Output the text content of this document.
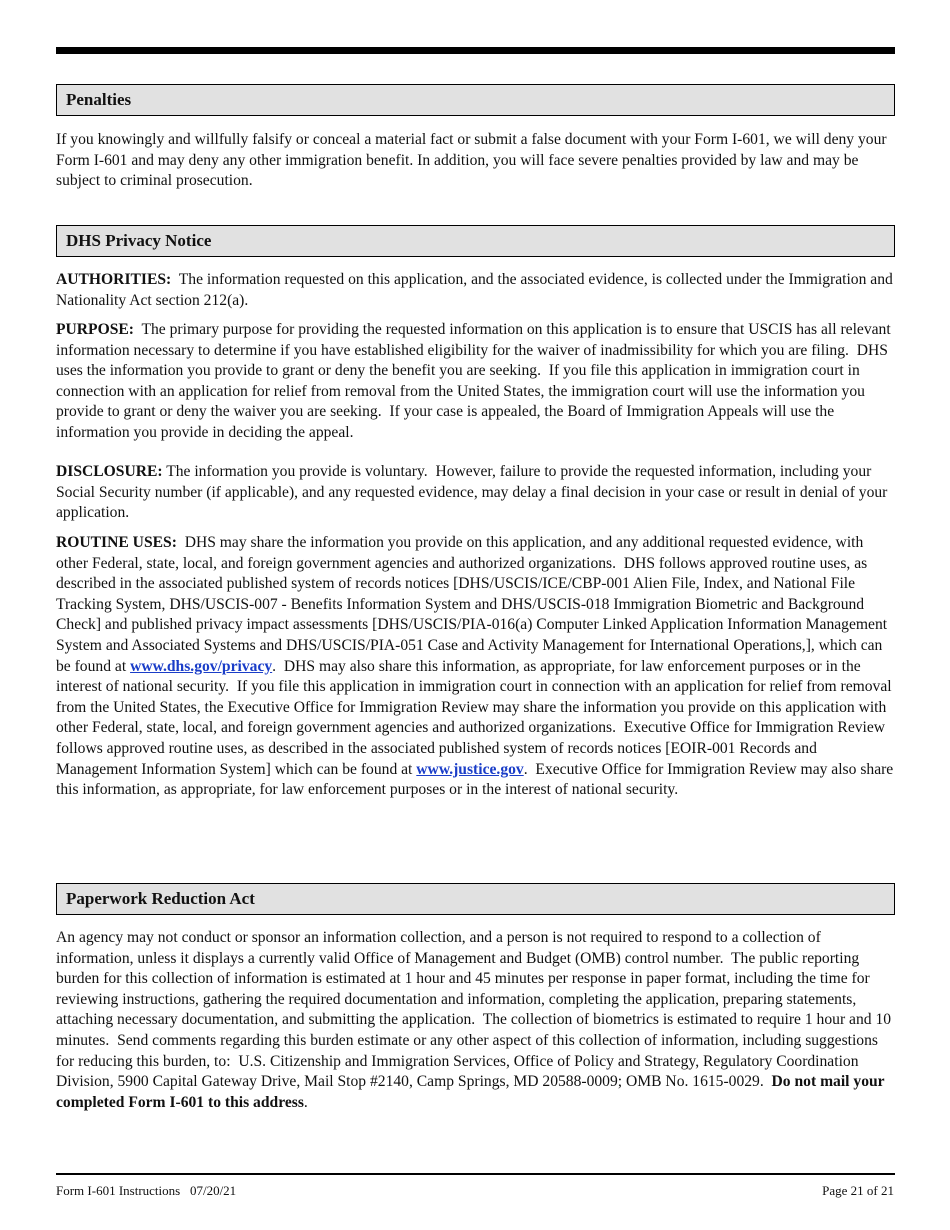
Penalties

If you knowingly and willfully falsify or conceal a material fact or submit a false document with your Form I-601, we will deny your Form I-601 and may deny any other immigration benefit. In addition, you will face severe penalties provided by law and may be subject to criminal prosecution.

DHS Privacy Notice

AUTHORITIES:  The information requested on this application, and the associated evidence, is collected under the Immigration and Nationality Act section 212(a).

PURPOSE:  The primary purpose for providing the requested information on this application is to ensure that USCIS has all relevant information necessary to determine if you have established eligibility for the waiver of inadmissibility for which you are filing.  DHS uses the information you provide to grant or deny the benefit you are seeking.  If you file this application in immigration court in connection with an application for relief from removal from the United States, the immigration court will use the information you provide to grant or deny the waiver you are seeking.  If your case is appealed, the Board of Immigration Appeals will use the information you provide in deciding the appeal.

DISCLOSURE: The information you provide is voluntary.  However, failure to provide the requested information, including your Social Security number (if applicable), and any requested evidence, may delay a final decision in your case or result in denial of your application.

ROUTINE USES:  DHS may share the information you provide on this application, and any additional requested evidence, with other Federal, state, local, and foreign government agencies and authorized organizations.  DHS follows approved routine uses, as described in the associated published system of records notices [DHS/USCIS/ICE/CBP-001 Alien File, Index, and National File Tracking System, DHS/USCIS-007 - Benefits Information System and DHS/USCIS-018 Immigration Biometric and Background Check] and published privacy impact assessments [DHS/USCIS/PIA-016(a) Computer Linked Application Information Management System and Associated Systems and DHS/USCIS/PIA-051 Case and Activity Management for International Operations,], which can be found at www.dhs.gov/privacy.  DHS may also share this information, as appropriate, for law enforcement purposes or in the interest of national security.  If you file this application in immigration court in connection with an application for relief from removal from the United States, the Executive Office for Immigration Review may share the information you provide on this application with other Federal, state, local, and foreign government agencies and authorized organizations.  Executive Office for Immigration Review follows approved routine uses, as described in the associated published system of records notices [EOIR-001 Records and Management Information System] which can be found at www.justice.gov.  Executive Office for Immigration Review may also share this information, as appropriate, for law enforcement purposes or in the interest of national security.

Paperwork Reduction Act

An agency may not conduct or sponsor an information collection, and a person is not required to respond to a collection of information, unless it displays a currently valid Office of Management and Budget (OMB) control number.  The public reporting burden for this collection of information is estimated at 1 hour and 45 minutes per response in paper format, including the time for reviewing instructions, gathering the required documentation and information, completing the application, preparing statements, attaching necessary documentation, and submitting the application.  The collection of biometrics is estimated to require 1 hour and 10 minutes.  Send comments regarding this burden estimate or any other aspect of this collection of information, including suggestions for reducing this burden, to:  U.S. Citizenship and Immigration Services, Office of Policy and Strategy, Regulatory Coordination Division, 5900 Capital Gateway Drive, Mail Stop #2140, Camp Springs, MD 20588-0009; OMB No. 1615-0029.  Do not mail your completed Form I-601 to this address.

Form I-601 Instructions   07/20/21	Page 21 of 21
